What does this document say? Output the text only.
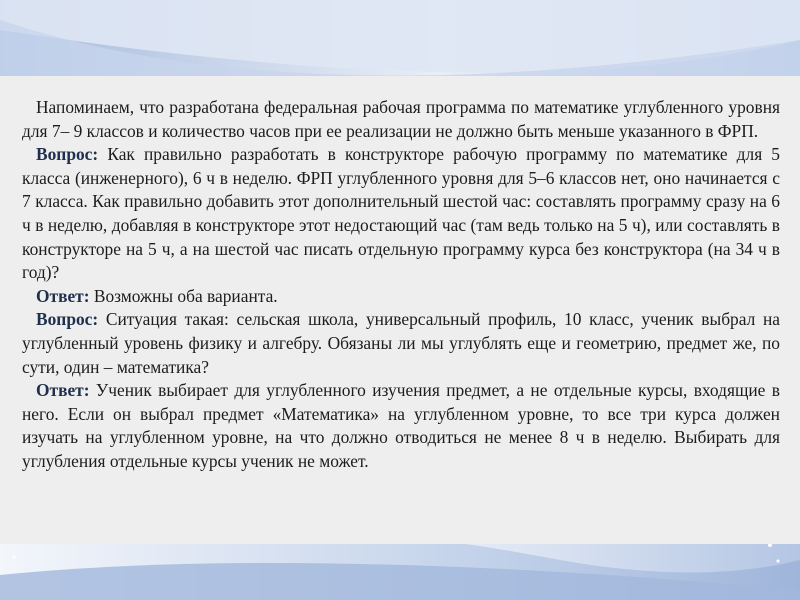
Напоминаем, что разработана федеральная рабочая программа по математике углубленного уровня для 7– 9 классов и количество часов при ее реализации не должно быть меньше указанного в ФРП.

Вопрос: Как правильно разработать в конструкторе рабочую программу по математике для 5 класса (инженерного), 6 ч в неделю. ФРП углубленного уровня для 5–6 классов нет, оно начинается с 7 класса. Как правильно добавить этот дополнительный шестой час: составлять программу сразу на 6 ч в неделю, добавляя в конструкторе этот недостающий час (там ведь только на 5 ч), или составлять в конструкторе на 5 ч, а на шестой час писать отдельную программу курса без конструктора (на 34 ч в год)?

Ответ: Возможны оба варианта.

Вопрос: Ситуация такая: сельская школа, универсальный профиль, 10 класс, ученик выбрал на углубленный уровень физику и алгебру. Обязаны ли мы углублять еще и геометрию, предмет же, по сути, один – математика?

Ответ: Ученик выбирает для углубленного изучения предмет, а не отдельные курсы, входящие в него. Если он выбрал предмет «Математика» на углубленном уровне, то все три курса должен изучать на углубленном уровне, на что должно отводиться не менее 8 ч в неделю. Выбирать для углубления отдельные курсы ученик не может.
